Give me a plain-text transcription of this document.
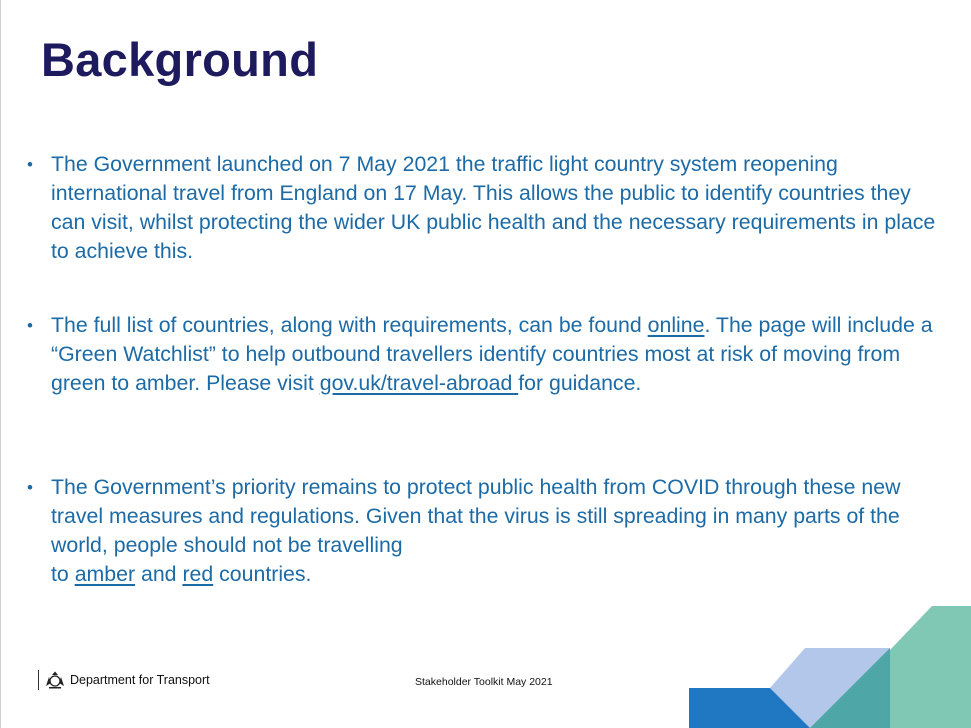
Background
• The Government launched on 7 May 2021 the traffic light country system reopening international travel from England on 17 May. This allows the public to identify countries they can visit, whilst protecting the wider UK public health and the necessary requirements in place to achieve this.
• The full list of countries, along with requirements, can be found online. The page will include a “Green Watchlist” to help outbound travellers identify countries most at risk of moving from green to amber. Please visit gov.uk/travel-abroad for guidance.
• The Government’s priority remains to protect public health from COVID through these new travel measures and regulations. Given that the virus is still spreading in many parts of the world, people should not be travelling
to amber and red countries.
Department for Transport	Stakeholder Toolkit May 2021
